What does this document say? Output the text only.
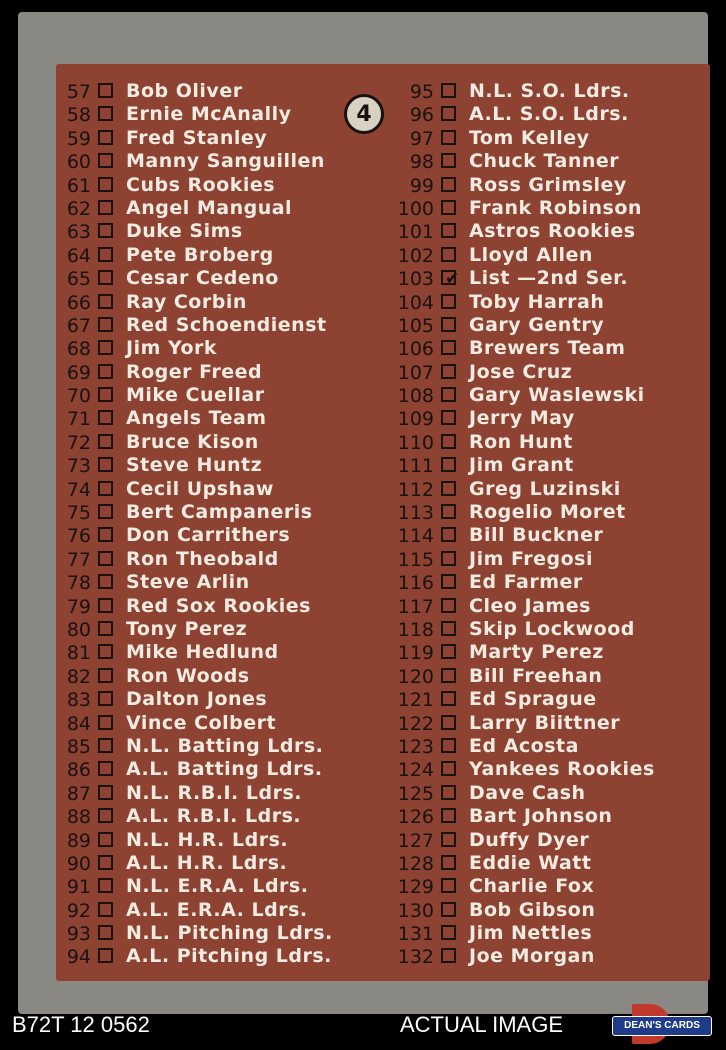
57 Bob Oliver
58 Ernie McAnally
59 Fred Stanley
60 Manny Sanguillen
61 Cubs Rookies
62 Angel Mangual
63 Duke Sims
64 Pete Broberg
65 Cesar Cedeno
66 Ray Corbin
67 Red Schoendienst
68 Jim York
69 Roger Freed
70 Mike Cuellar
71 Angels Team
72 Bruce Kison
73 Steve Huntz
74 Cecil Upshaw
75 Bert Campaneris
76 Don Carrithers
77 Ron Theobald
78 Steve Arlin
79 Red Sox Rookies
80 Tony Perez
81 Mike Hedlund
82 Ron Woods
83 Dalton Jones
84 Vince Colbert
85 N.L. Batting Ldrs.
86 A.L. Batting Ldrs.
87 N.L. R.B.I. Ldrs.
88 A.L. R.B.I. Ldrs.
89 N.L. H.R. Ldrs.
90 A.L. H.R. Ldrs.
91 N.L. E.R.A. Ldrs.
92 A.L. E.R.A. Ldrs.
93 N.L. Pitching Ldrs.
94 A.L. Pitching Ldrs.
95 N.L. S.O. Ldrs.
96 A.L. S.O. Ldrs.
97 Tom Kelley
98 Chuck Tanner
99 Ross Grimsley
100 Frank Robinson
101 Astros Rookies
102 Lloyd Allen
103 ✔ List —2nd Ser.
104 Toby Harrah
105 Gary Gentry
106 Brewers Team
107 Jose Cruz
108 Gary Waslewski
109 Jerry May
110 Ron Hunt
111 Jim Grant
112 Greg Luzinski
113 Rogelio Moret
114 Bill Buckner
115 Jim Fregosi
116 Ed Farmer
117 Cleo James
118 Skip Lockwood
119 Marty Perez
120 Bill Freehan
121 Ed Sprague
122 Larry Biittner
123 Ed Acosta
124 Yankees Rookies
125 Dave Cash
126 Bart Johnson
127 Duffy Dyer
128 Eddie Watt
129 Charlie Fox
130 Bob Gibson
131 Jim Nettles
132 Joe Morgan
4
B72T 12 0562	ACTUAL IMAGE	DEAN'S CARDS
